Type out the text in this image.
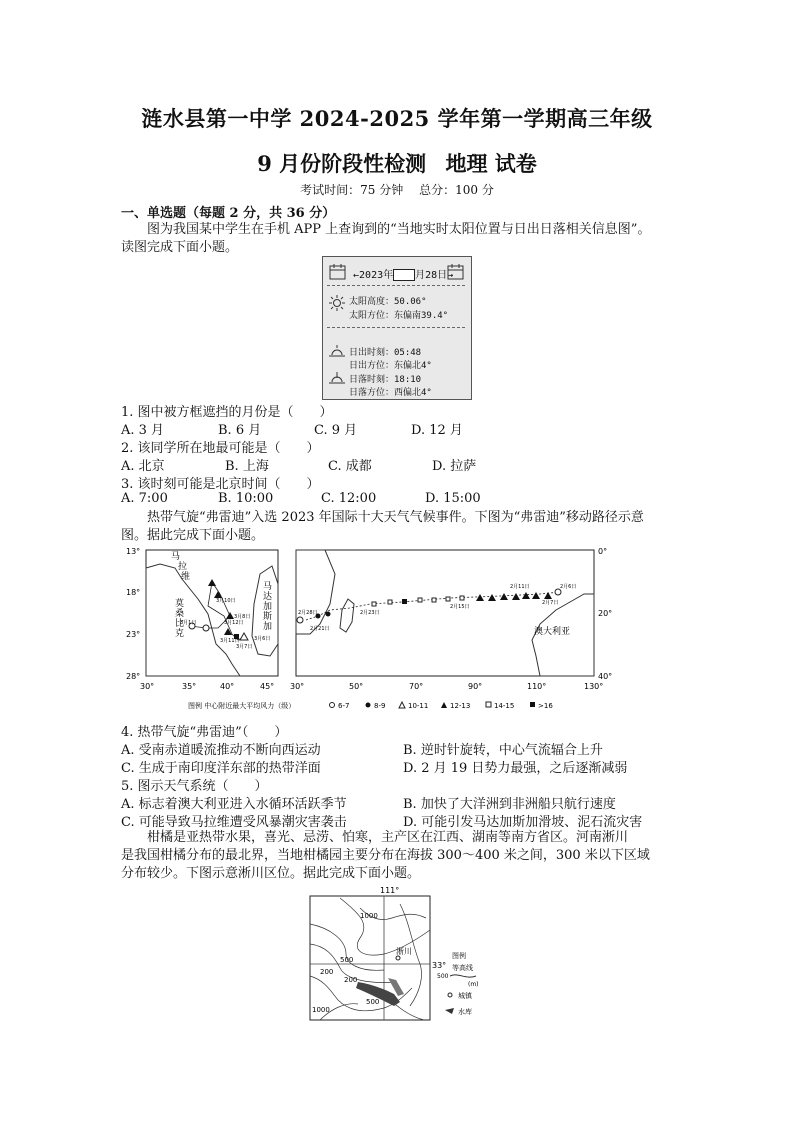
涟水县第一中学 2024-2025 学年第一学期高三年级
9 月份阶段性检测 地理 试卷
考试时间：75 分钟 总分：100 分
一、单选题（每题 2 分，共 36 分）
图为我国某中学生在手机 APP 上查询到的“当地实时太阳位置与日出日落相关信息图”。
读图完成下面小题。
←2023年 月28日→
太阳高度：50.06°
太阳方位：东偏南39.4°
日出时刻：05:48
日出方位：东偏北4°
日落时刻：18:10
日落方位：西偏北4°
1. 图中被方框遮挡的月份是（　　）
A. 3 月	B. 6 月	C. 9 月	D. 12 月
2. 该同学所在地最可能是（　　）
A. 北京	B. 上海	C. 成都	D. 拉萨
3. 该时刻可能是北京时间（　　）
A. 7:00	B. 10:00	C. 12:00	D. 15:00
热带气旋“弗雷迪”入选 2023 年国际十大天气气候事件。下图为“弗雷迪”移动路径示意
图。据此完成下面小题。
马拉维
莫桑比克
马达加斯加
3月10日
3月1日	3月12日
3月11日	3月6日
3月7日
3月8日
13°
18°
23°
28°
30°	35°	40°	45°
澳大利亚
2月28日
2月21日
2月23日
2月15日
2月11日
2月7日
2月6日
0°
20°
40°
30°	50°	70°	90°	110°	130°
图例 中心附近最大平均风力（级）	6-7	8-9	10-11	12-13	14-15	>16
4. 热带气旋“弗雷迪”（　　）
A. 受南赤道暖流推动不断向西运动	B. 逆时针旋转，中心气流辐合上升
C. 生成于南印度洋东部的热带洋面	D. 2 月 19 日势力最强，之后逐渐减弱
5. 图示天气系统（　　）
A. 标志着澳大利亚进入水循环活跃季节	B. 加快了大洋洲到非洲船只航行速度
C. 可能导致马拉维遭受风暴潮灾害袭击	D. 可能引发马达加斯加滑坡、泥石流灾害
柑橘是亚热带水果，喜光、忌涝、怕寒，主产区在江西、湖南等南方省区。河南淅川
是我国柑橘分布的最北界，当地柑橘园主要分布在海拔 300～400 米之间，300 米以下区域
分布较少。下图示意淅川区位。据此完成下面小题。
111°
淅川
1000
500
200
200
500
1000
33°
图例
等高线
500
(m)
城镇
水库
